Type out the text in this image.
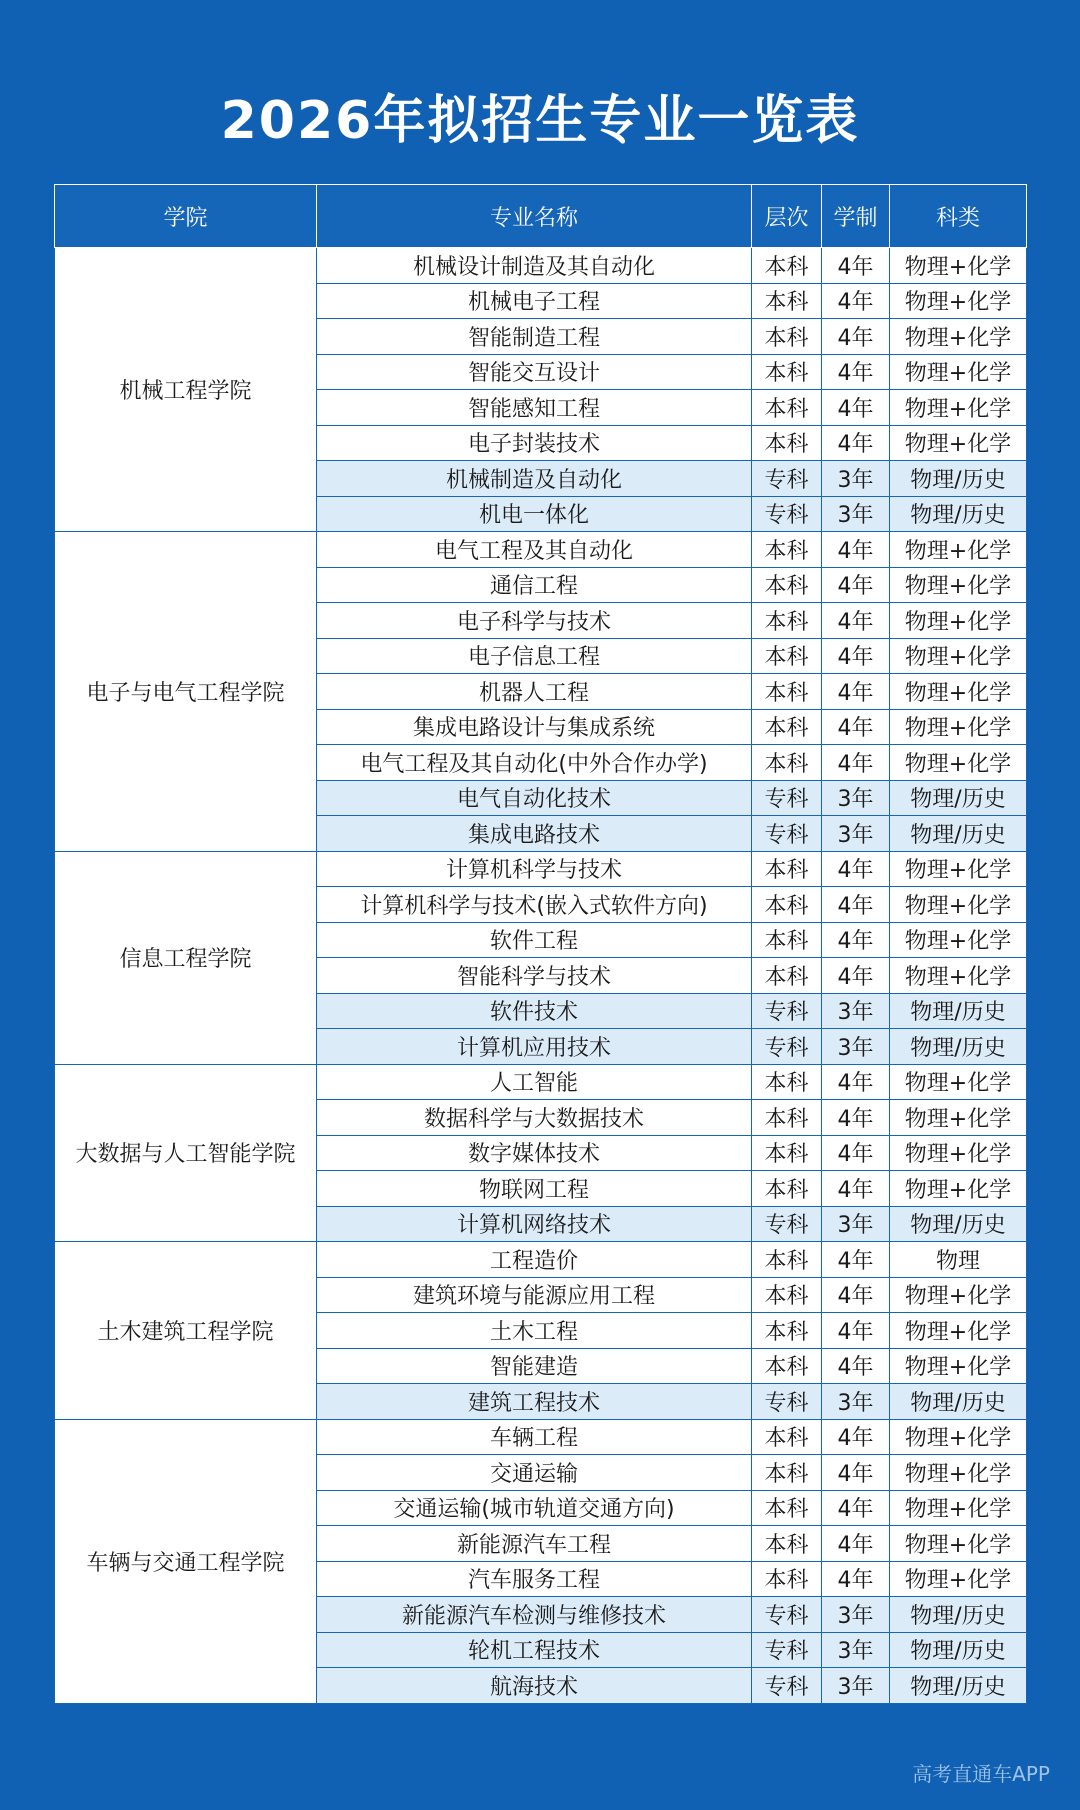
2026年拟招生专业一览表
学院	专业名称	层次	学制	科类
机械工程学院	机械设计制造及其自动化	本科	4年	物理+化学
	机械电子工程	本科	4年	物理+化学
	智能制造工程	本科	4年	物理+化学
	智能交互设计	本科	4年	物理+化学
	智能感知工程	本科	4年	物理+化学
	电子封装技术	本科	4年	物理+化学
	机械制造及自动化	专科	3年	物理/历史
	机电一体化	专科	3年	物理/历史
电子与电气工程学院	电气工程及其自动化	本科	4年	物理+化学
	通信工程	本科	4年	物理+化学
	电子科学与技术	本科	4年	物理+化学
	电子信息工程	本科	4年	物理+化学
	机器人工程	本科	4年	物理+化学
	集成电路设计与集成系统	本科	4年	物理+化学
	电气工程及其自动化(中外合作办学)	本科	4年	物理+化学
	电气自动化技术	专科	3年	物理/历史
	集成电路技术	专科	3年	物理/历史
信息工程学院	计算机科学与技术	本科	4年	物理+化学
	计算机科学与技术(嵌入式软件方向)	本科	4年	物理+化学
	软件工程	本科	4年	物理+化学
	智能科学与技术	本科	4年	物理+化学
	软件技术	专科	3年	物理/历史
	计算机应用技术	专科	3年	物理/历史
大数据与人工智能学院	人工智能	本科	4年	物理+化学
	数据科学与大数据技术	本科	4年	物理+化学
	数字媒体技术	本科	4年	物理+化学
	物联网工程	本科	4年	物理+化学
	计算机网络技术	专科	3年	物理/历史
土木建筑工程学院	工程造价	本科	4年	物理
	建筑环境与能源应用工程	本科	4年	物理+化学
	土木工程	本科	4年	物理+化学
	智能建造	本科	4年	物理+化学
	建筑工程技术	专科	3年	物理/历史
车辆与交通工程学院	车辆工程	本科	4年	物理+化学
	交通运输	本科	4年	物理+化学
	交通运输(城市轨道交通方向)	本科	4年	物理+化学
	新能源汽车工程	本科	4年	物理+化学
	汽车服务工程	本科	4年	物理+化学
	新能源汽车检测与维修技术	专科	3年	物理/历史
	轮机工程技术	专科	3年	物理/历史
	航海技术	专科	3年	物理/历史
高考直通车APP
